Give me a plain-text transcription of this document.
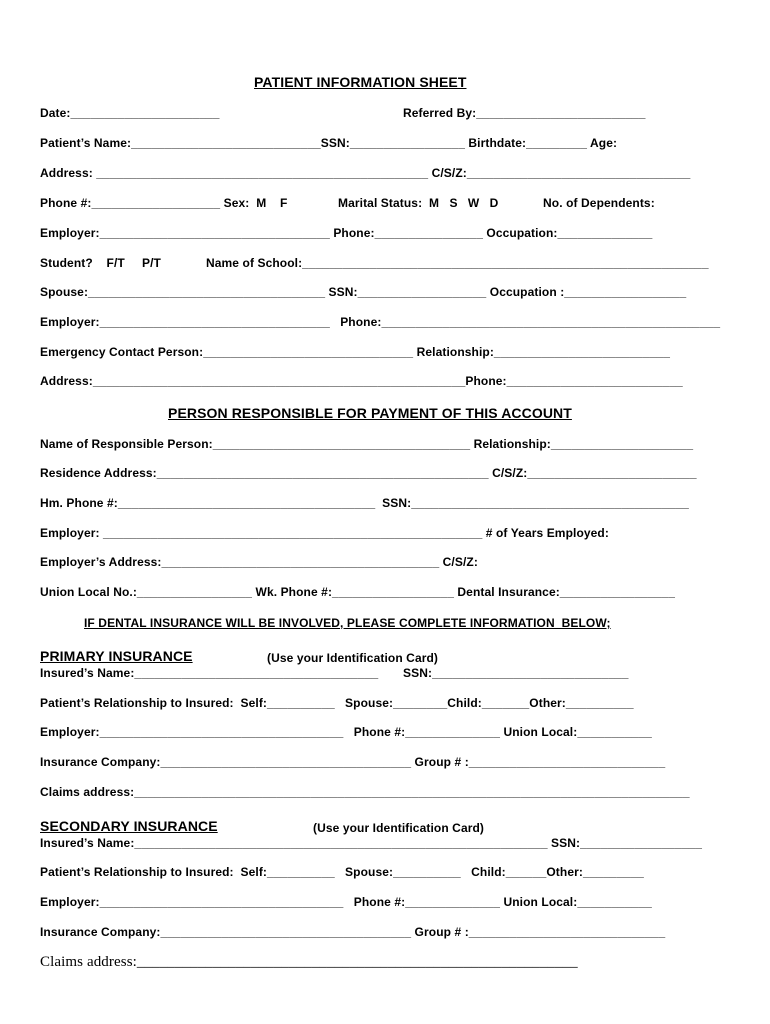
PATIENT INFORMATION SHEET
Date:______________________	Referred By:_________________________
Patient’s Name:____________________________SSN:_________________ Birthdate:_________ Age:
Address: _________________________________________________ C/S/Z:_________________________________
Phone #:___________________ Sex:  M    F	Marital Status:  M   S   W   D	No. of Dependents:
Employer:__________________________________ Phone:________________ Occupation:______________
Student?    F/T     P/T	Name of School:____________________________________________________________
Spouse:___________________________________ SSN:___________________ Occupation :__________________
Employer:__________________________________   Phone:__________________________________________________
Emergency Contact Person:_______________________________ Relationship:__________________________
Address:_______________________________________________________Phone:__________________________
PERSON RESPONSIBLE FOR PAYMENT OF THIS ACCOUNT
Name of Responsible Person:______________________________________ Relationship:_____________________
Residence Address:_________________________________________________ C/S/Z:_________________________
Hm. Phone #:______________________________________  SSN:_________________________________________
Employer: ________________________________________________________ # of Years Employed:
Employer’s Address:_________________________________________ C/S/Z:
Union Local No.:_________________ Wk. Phone #:__________________ Dental Insurance:_________________
IF DENTAL INSURANCE WILL BE INVOLVED, PLEASE COMPLETE INFORMATION  BELOW;
PRIMARY INSURANCE	(Use your Identification Card)
Insured’s Name:____________________________________ SSN:_____________________________
Patient’s Relationship to Insured:  Self:__________   Spouse:________Child:_______Other:__________
Employer:____________________________________   Phone #:______________ Union Local:___________
Insurance Company:_____________________________________ Group # :_____________________________
Claims address:__________________________________________________________________________________
SECONDARY INSURANCE	(Use your Identification Card)
Insured’s Name:_____________________________________________________________ SSN:__________________
Patient’s Relationship to Insured:  Self:__________   Spouse:__________   Child:______Other:_________
Employer:____________________________________   Phone #:______________ Union Local:___________
Insurance Company:_____________________________________ Group # :_____________________________
Claims address:__________________________________________________________
